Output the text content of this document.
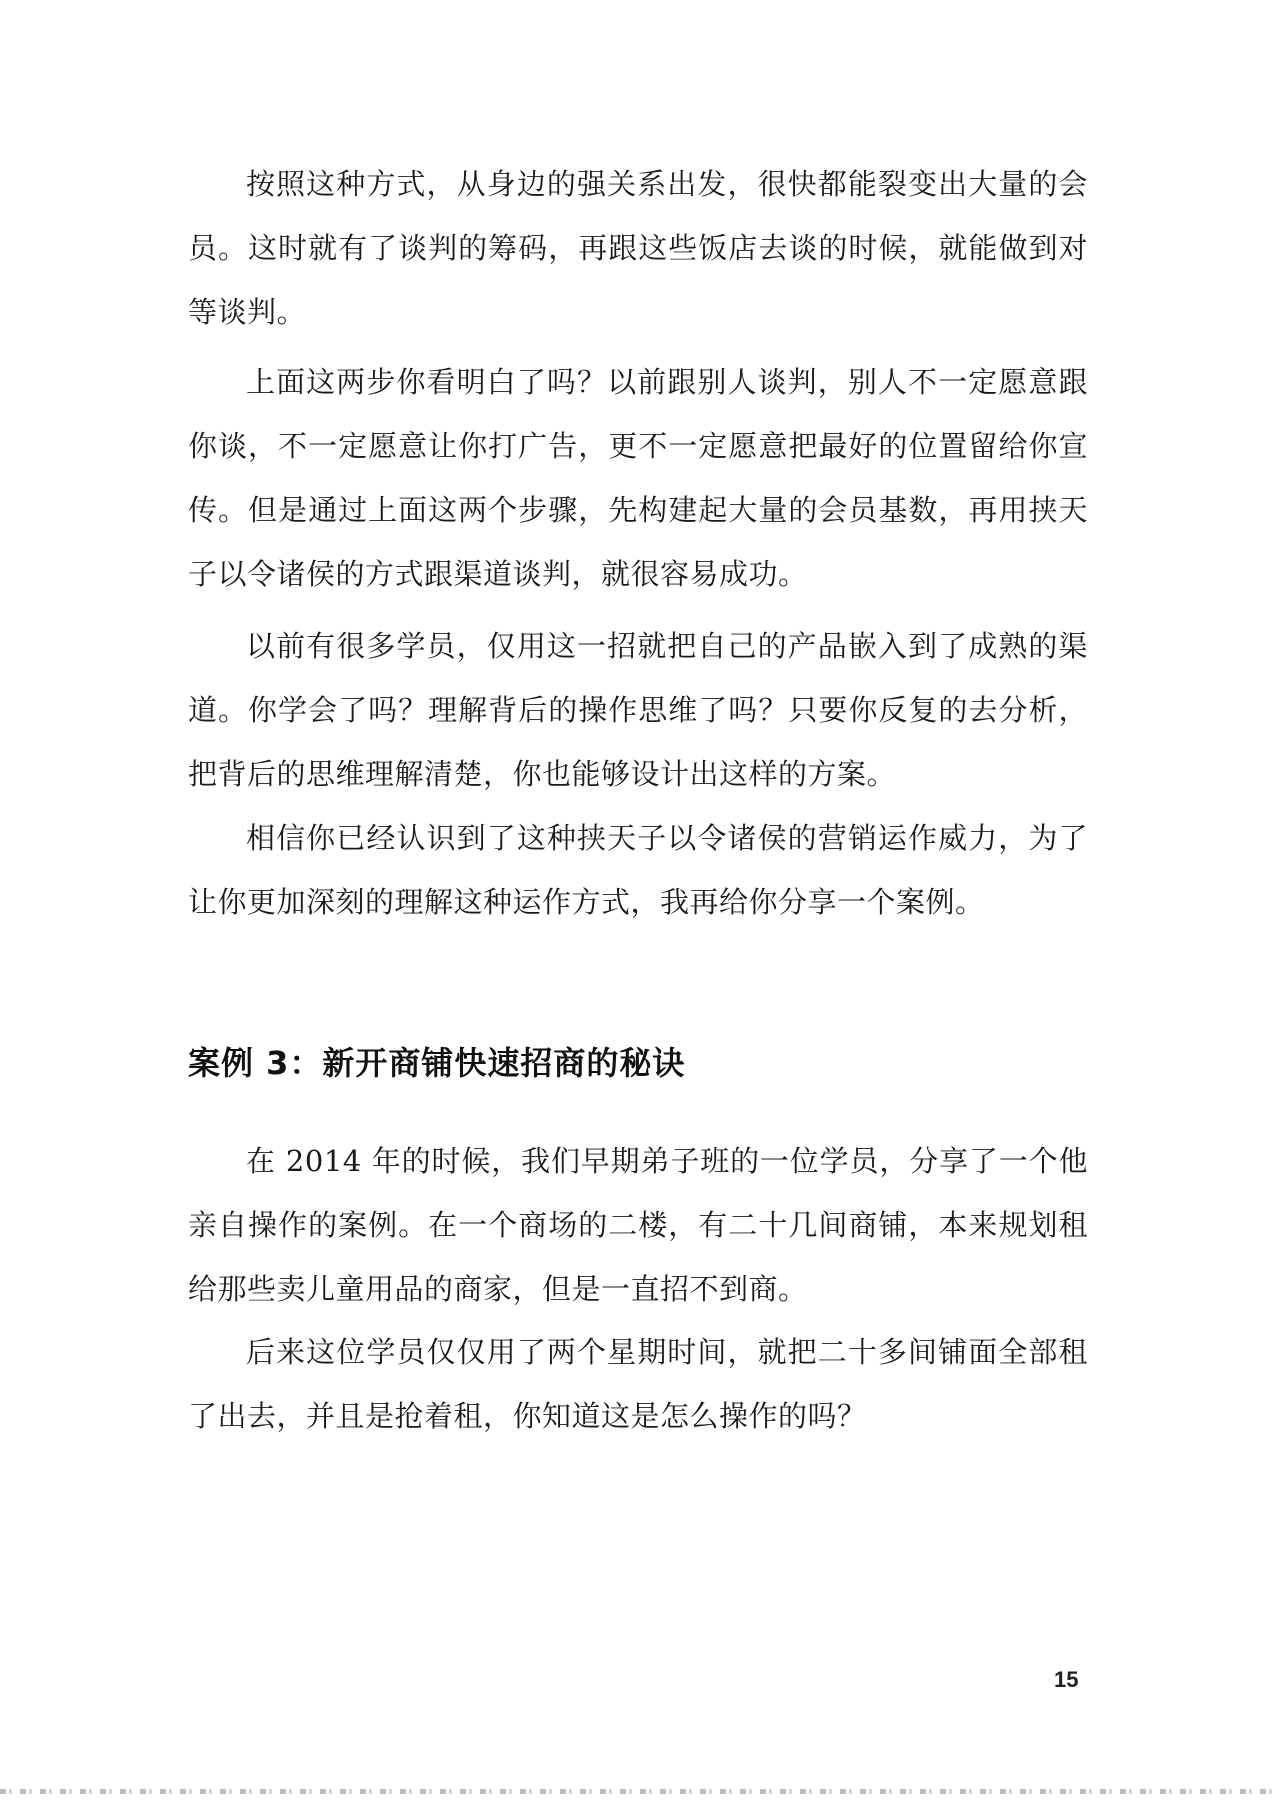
按照这种方式，从身边的强关系出发，很快都能裂变出大量的会员。这时就有了谈判的筹码，再跟这些饭店去谈的时候，就能做到对等谈判。

上面这两步你看明白了吗？以前跟别人谈判，别人不一定愿意跟你谈，不一定愿意让你打广告，更不一定愿意把最好的位置留给你宣传。但是通过上面这两个步骤，先构建起大量的会员基数，再用挟天子以令诸侯的方式跟渠道谈判，就很容易成功。

以前有很多学员，仅用这一招就把自己的产品嵌入到了成熟的渠道。你学会了吗？理解背后的操作思维了吗？只要你反复的去分析，把背后的思维理解清楚，你也能够设计出这样的方案。

相信你已经认识到了这种挟天子以令诸侯的营销运作威力，为了让你更加深刻的理解这种运作方式，我再给你分享一个案例。

案例 3：新开商铺快速招商的秘诀

在 2014 年的时候，我们早期弟子班的一位学员，分享了一个他亲自操作的案例。在一个商场的二楼，有二十几间商铺，本来规划租给那些卖儿童用品的商家，但是一直招不到商。

后来这位学员仅仅用了两个星期时间，就把二十多间铺面全部租了出去，并且是抢着租，你知道这是怎么操作的吗？

15
